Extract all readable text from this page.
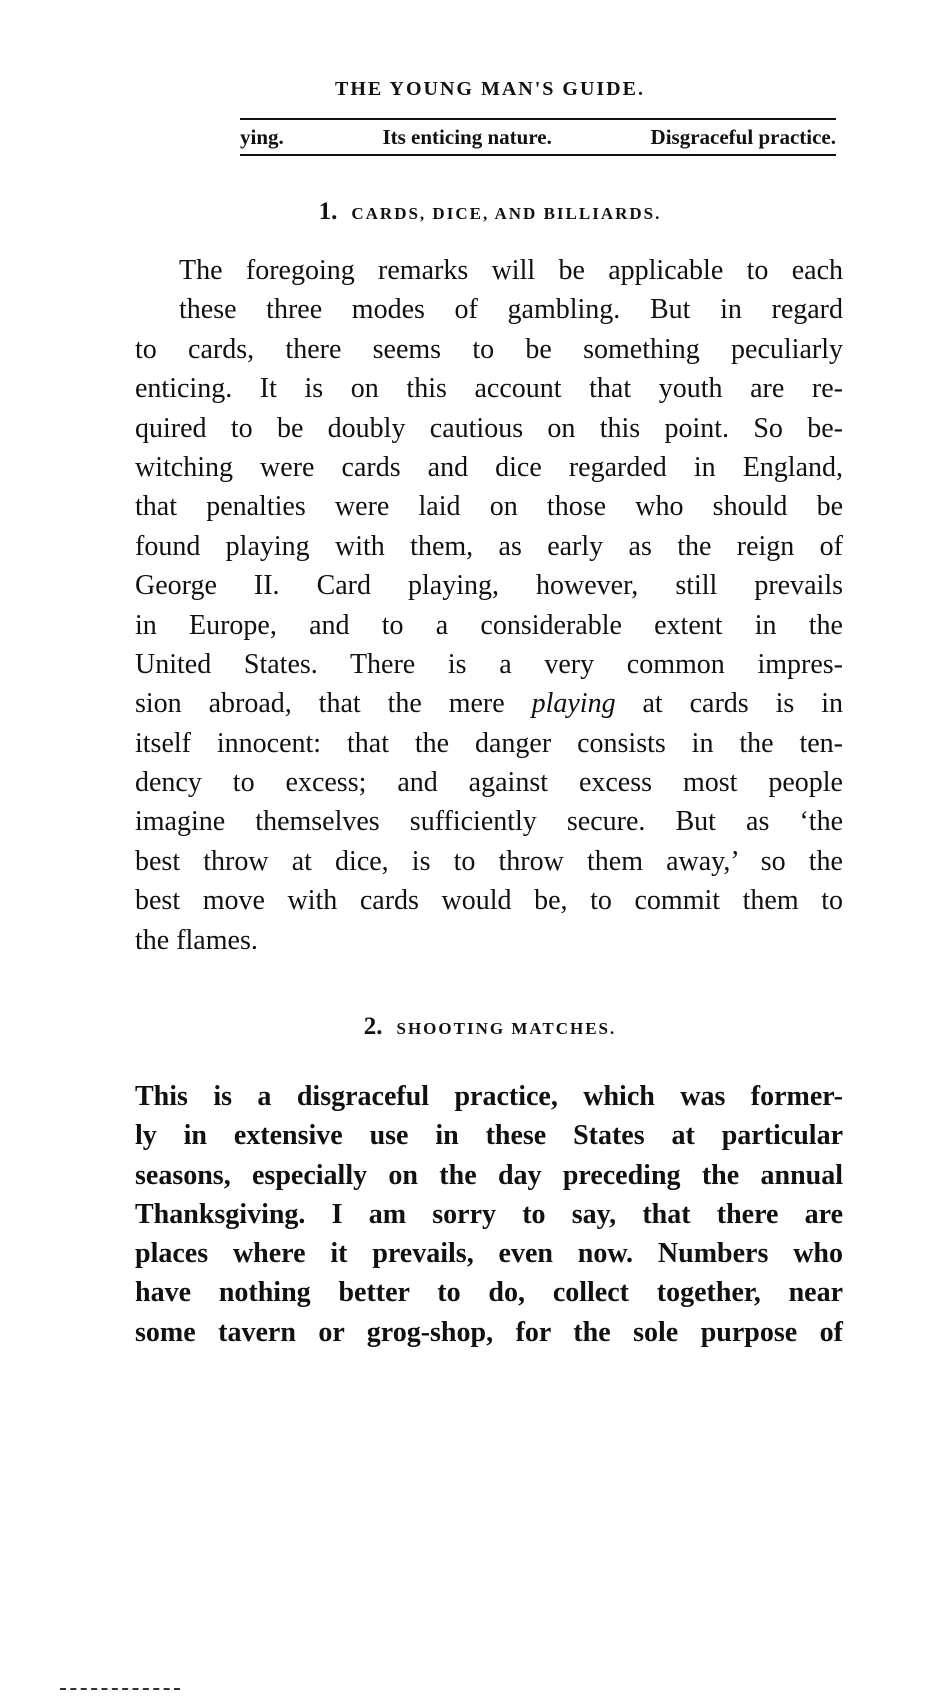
THE YOUNG MAN'S GUIDE.
ying.	Its enticing nature.	Disgraceful practice.
1. CARDS, DICE, AND BILLIARDS.
The foregoing remarks will be applicable to each
these three modes of gambling. But in regard
to cards, there seems to be something peculiarly
enticing. It is on this account that youth are re-
quired to be doubly cautious on this point. So be-
witching were cards and dice regarded in England,
that penalties were laid on those who should be
found playing with them, as early as the reign of
George II. Card playing, however, still prevails
in Europe, and to a considerable extent in the
United States. There is a very common impres-
sion abroad, that the mere playing at cards is in
itself innocent: that the danger consists in the ten-
dency to excess; and against excess most people
imagine themselves sufficiently secure. But as ‘the
best throw at dice, is to throw them away,’ so the
best move with cards would be, to commit them to
the flames.
2. SHOOTING MATCHES.
This is a disgraceful practice, which was former-
ly in extensive use in these States at particular
seasons, especially on the day preceding the annual
Thanksgiving. I am sorry to say, that there are
places where it prevails, even now. Numbers who
have nothing better to do, collect together, near
some tavern or grog-shop, for the sole purpose of
